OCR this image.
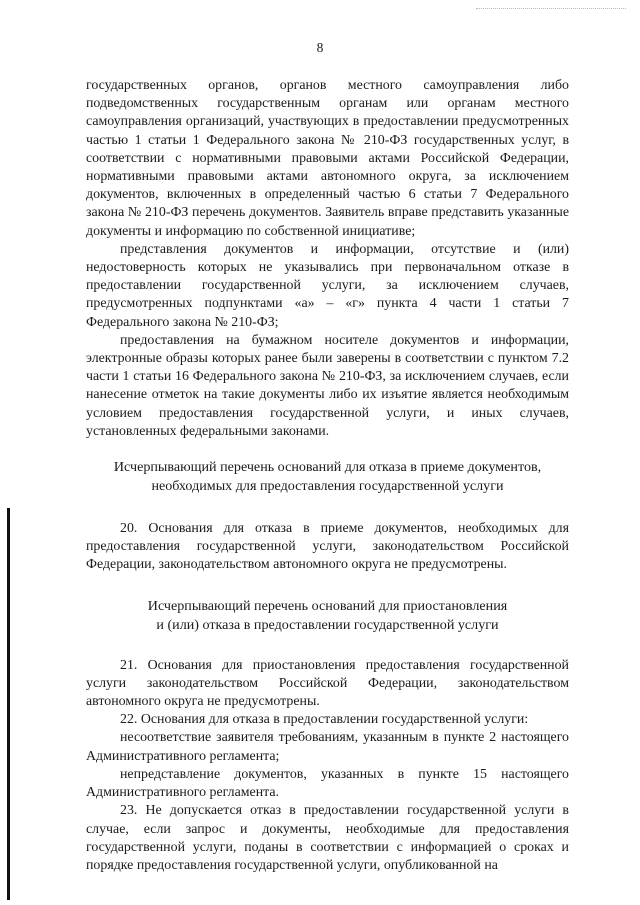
8

государственных органов, органов местного самоуправления либо подведомственных государственным органам или органам местного самоуправления организаций, участвующих в предоставлении предусмотренных частью 1 статьи 1 Федерального закона № 210-ФЗ государственных услуг, в соответствии с нормативными правовыми актами Российской Федерации, нормативными правовыми актами автономного округа, за исключением документов, включенных в определенный частью 6 статьи 7 Федерального закона № 210-ФЗ перечень документов. Заявитель вправе представить указанные документы и информацию по собственной инициативе;

представления документов и информации, отсутствие и (или) недостоверность которых не указывались при первоначальном отказе в предоставлении государственной услуги, за исключением случаев, предусмотренных подпунктами «а» – «г» пункта 4 части 1 статьи 7 Федерального закона № 210-ФЗ;

предоставления на бумажном носителе документов и информации, электронные образы которых ранее были заверены в соответствии с пунктом 7.2 части 1 статьи 16 Федерального закона № 210-ФЗ, за исключением случаев, если нанесение отметок на такие документы либо их изъятие является необходимым условием предоставления государственной услуги, и иных случаев, установленных федеральными законами.

Исчерпывающий перечень оснований для отказа в приеме документов,
необходимых для предоставления государственной услуги

20. Основания для отказа в приеме документов, необходимых для предоставления государственной услуги, законодательством Российской Федерации, законодательством автономного округа не предусмотрены.

Исчерпывающий перечень оснований для приостановления
и (или) отказа в предоставлении государственной услуги

21. Основания для приостановления предоставления государственной услуги законодательством Российской Федерации, законодательством автономного округа не предусмотрены.

22. Основания для отказа в предоставлении государственной услуги:

несоответствие заявителя требованиям, указанным в пункте 2 настоящего Административного регламента;

непредставление документов, указанных в пункте 15 настоящего Административного регламента.

23. Не допускается отказ в предоставлении государственной услуги в случае, если запрос и документы, необходимые для предоставления государственной услуги, поданы в соответствии с информацией о сроках и порядке предоставления государственной услуги, опубликованной на
